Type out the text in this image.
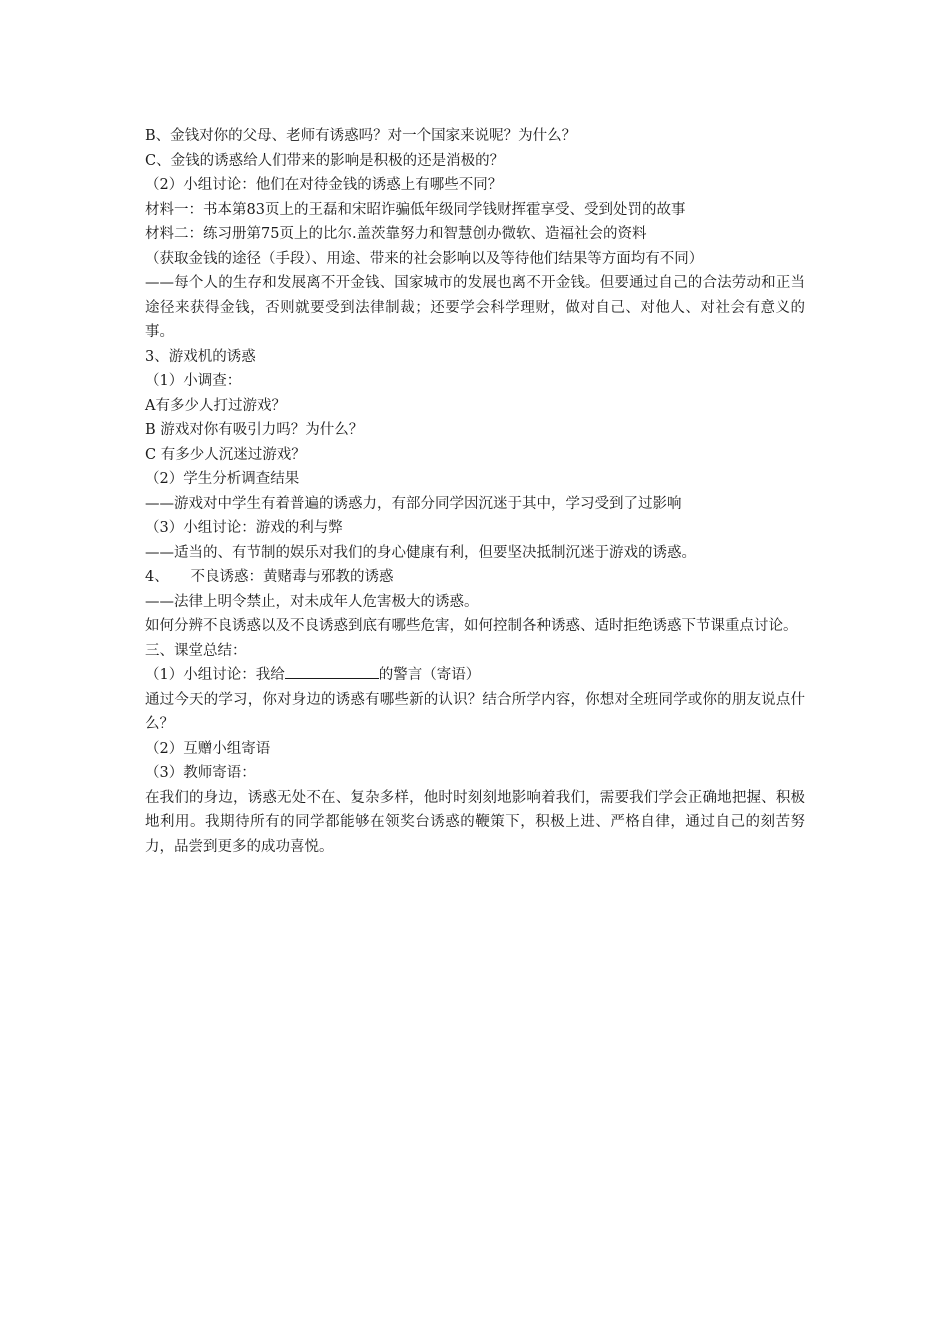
B、金钱对你的父母、老师有诱惑吗？对一个国家来说呢？为什么？
C、金钱的诱惑给人们带来的影响是积极的还是消极的？
（2）小组讨论：他们在对待金钱的诱惑上有哪些不同？
材料一：书本第83页上的王磊和宋昭诈骗低年级同学钱财挥霍享受、受到处罚的故事
材料二：练习册第75页上的比尔.盖茨靠努力和智慧创办微软、造福社会的资料
（获取金钱的途径（手段）、用途、带来的社会影响以及等待他们结果等方面均有不同）
——每个人的生存和发展离不开金钱、国家城市的发展也离不开金钱。但要通过自己的合法劳动和正当途径来获得金钱，否则就要受到法律制裁；还要学会科学理财，做对自己、对他人、对社会有意义的事。
3、游戏机的诱惑
（1）小调查：
A有多少人打过游戏？
B 游戏对你有吸引力吗？为什么？
C 有多少人沉迷过游戏？
（2）学生分析调查结果
——游戏对中学生有着普遍的诱惑力，有部分同学因沉迷于其中，学习受到了过影响
（3）小组讨论：游戏的利与弊
——适当的、有节制的娱乐对我们的身心健康有利，但要坚决抵制沉迷于游戏的诱惑。
4、　　不良诱惑：黄赌毒与邪教的诱惑
——法律上明令禁止，对未成年人危害极大的诱惑。
如何分辨不良诱惑以及不良诱惑到底有哪些危害，如何控制各种诱惑、适时拒绝诱惑下节课重点讨论。
三、课堂总结：
（1）小组讨论：我给	的警言（寄语）
通过今天的学习，你对身边的诱惑有哪些新的认识？结合所学内容，你想对全班同学或你的朋友说点什么？
（2）互赠小组寄语
（3）教师寄语：
在我们的身边，诱惑无处不在、复杂多样，他时时刻刻地影响着我们，需要我们学会正确地把握、积极地利用。我期待所有的同学都能够在领奖台诱惑的鞭策下，积极上进、严格自律，通过自己的刻苦努力，品尝到更多的成功喜悦。
